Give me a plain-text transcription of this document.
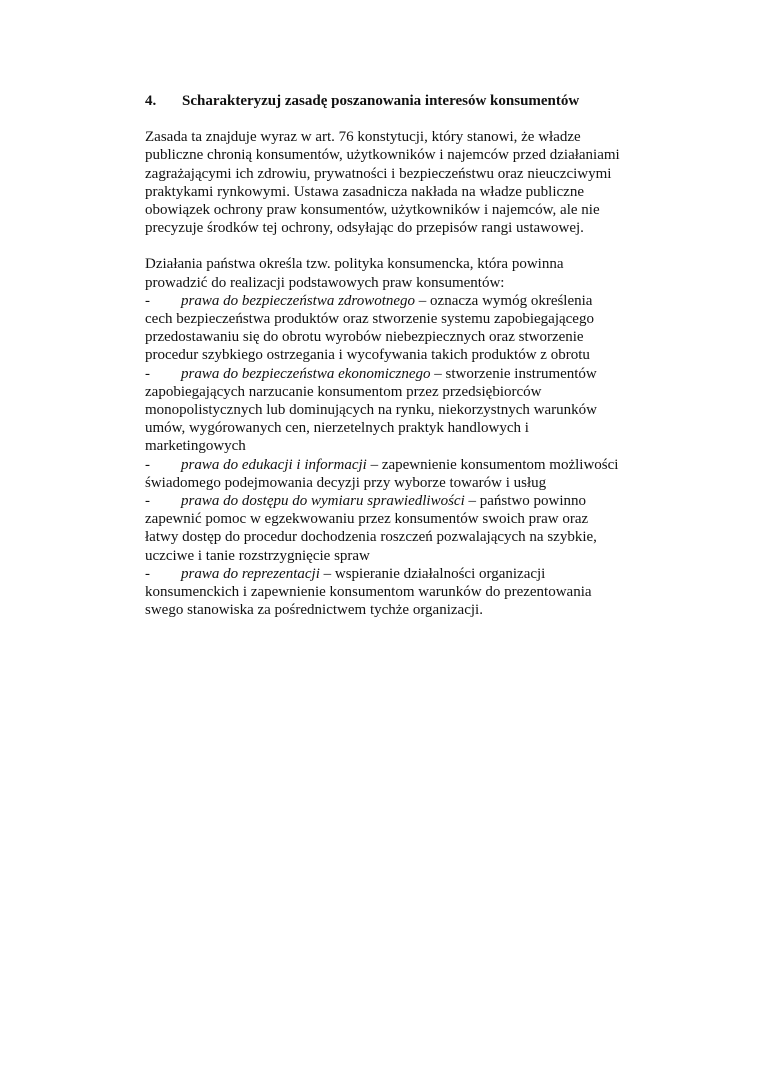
4.	Scharakteryzuj zasadę poszanowania interesów konsumentów

Zasada ta znajduje wyraz w art. 76 konstytucji, który stanowi, że władze publiczne chronią konsumentów, użytkowników i najemców przed działaniami zagrażającymi ich zdrowiu, prywatności i bezpieczeństwu oraz nieuczciwymi praktykami rynkowymi. Ustawa zasadnicza nakłada na władze publiczne obowiązek ochrony praw konsumentów, użytkowników i najemców, ale nie precyzuje środków tej ochrony, odsyłając do przepisów rangi ustawowej.

Działania państwa określa tzw. polityka konsumencka, która powinna prowadzić do realizacji podstawowych praw konsumentów:

- prawa do bezpieczeństwa zdrowotnego – oznacza wymóg określenia cech bezpieczeństwa produktów oraz stworzenie systemu zapobiegającego przedostawaniu się do obrotu wyrobów niebezpiecznych oraz stworzenie procedur szybkiego ostrzegania i wycofywania takich produktów z obrotu

- prawa do bezpieczeństwa ekonomicznego – stworzenie instrumentów zapobiegających narzucanie konsumentom przez przedsiębiorców monopolistycznych lub dominujących na rynku, niekorzystnych warunków umów, wygórowanych cen, nierzetelnych praktyk handlowych i marketingowych

- prawa do edukacji i informacji – zapewnienie konsumentom możliwości świadomego podejmowania decyzji przy wyborze towarów i usług

- prawa do dostępu do wymiaru sprawiedliwości – państwo powinno zapewnić pomoc w egzekwowaniu przez konsumentów swoich praw oraz łatwy dostęp do procedur dochodzenia roszczeń pozwalających na szybkie, uczciwe i tanie rozstrzygnięcie spraw

- prawa do reprezentacji – wspieranie działalności organizacji konsumenckich i zapewnienie konsumentom warunków do prezentowania swego stanowiska za pośrednictwem tychże organizacji.
